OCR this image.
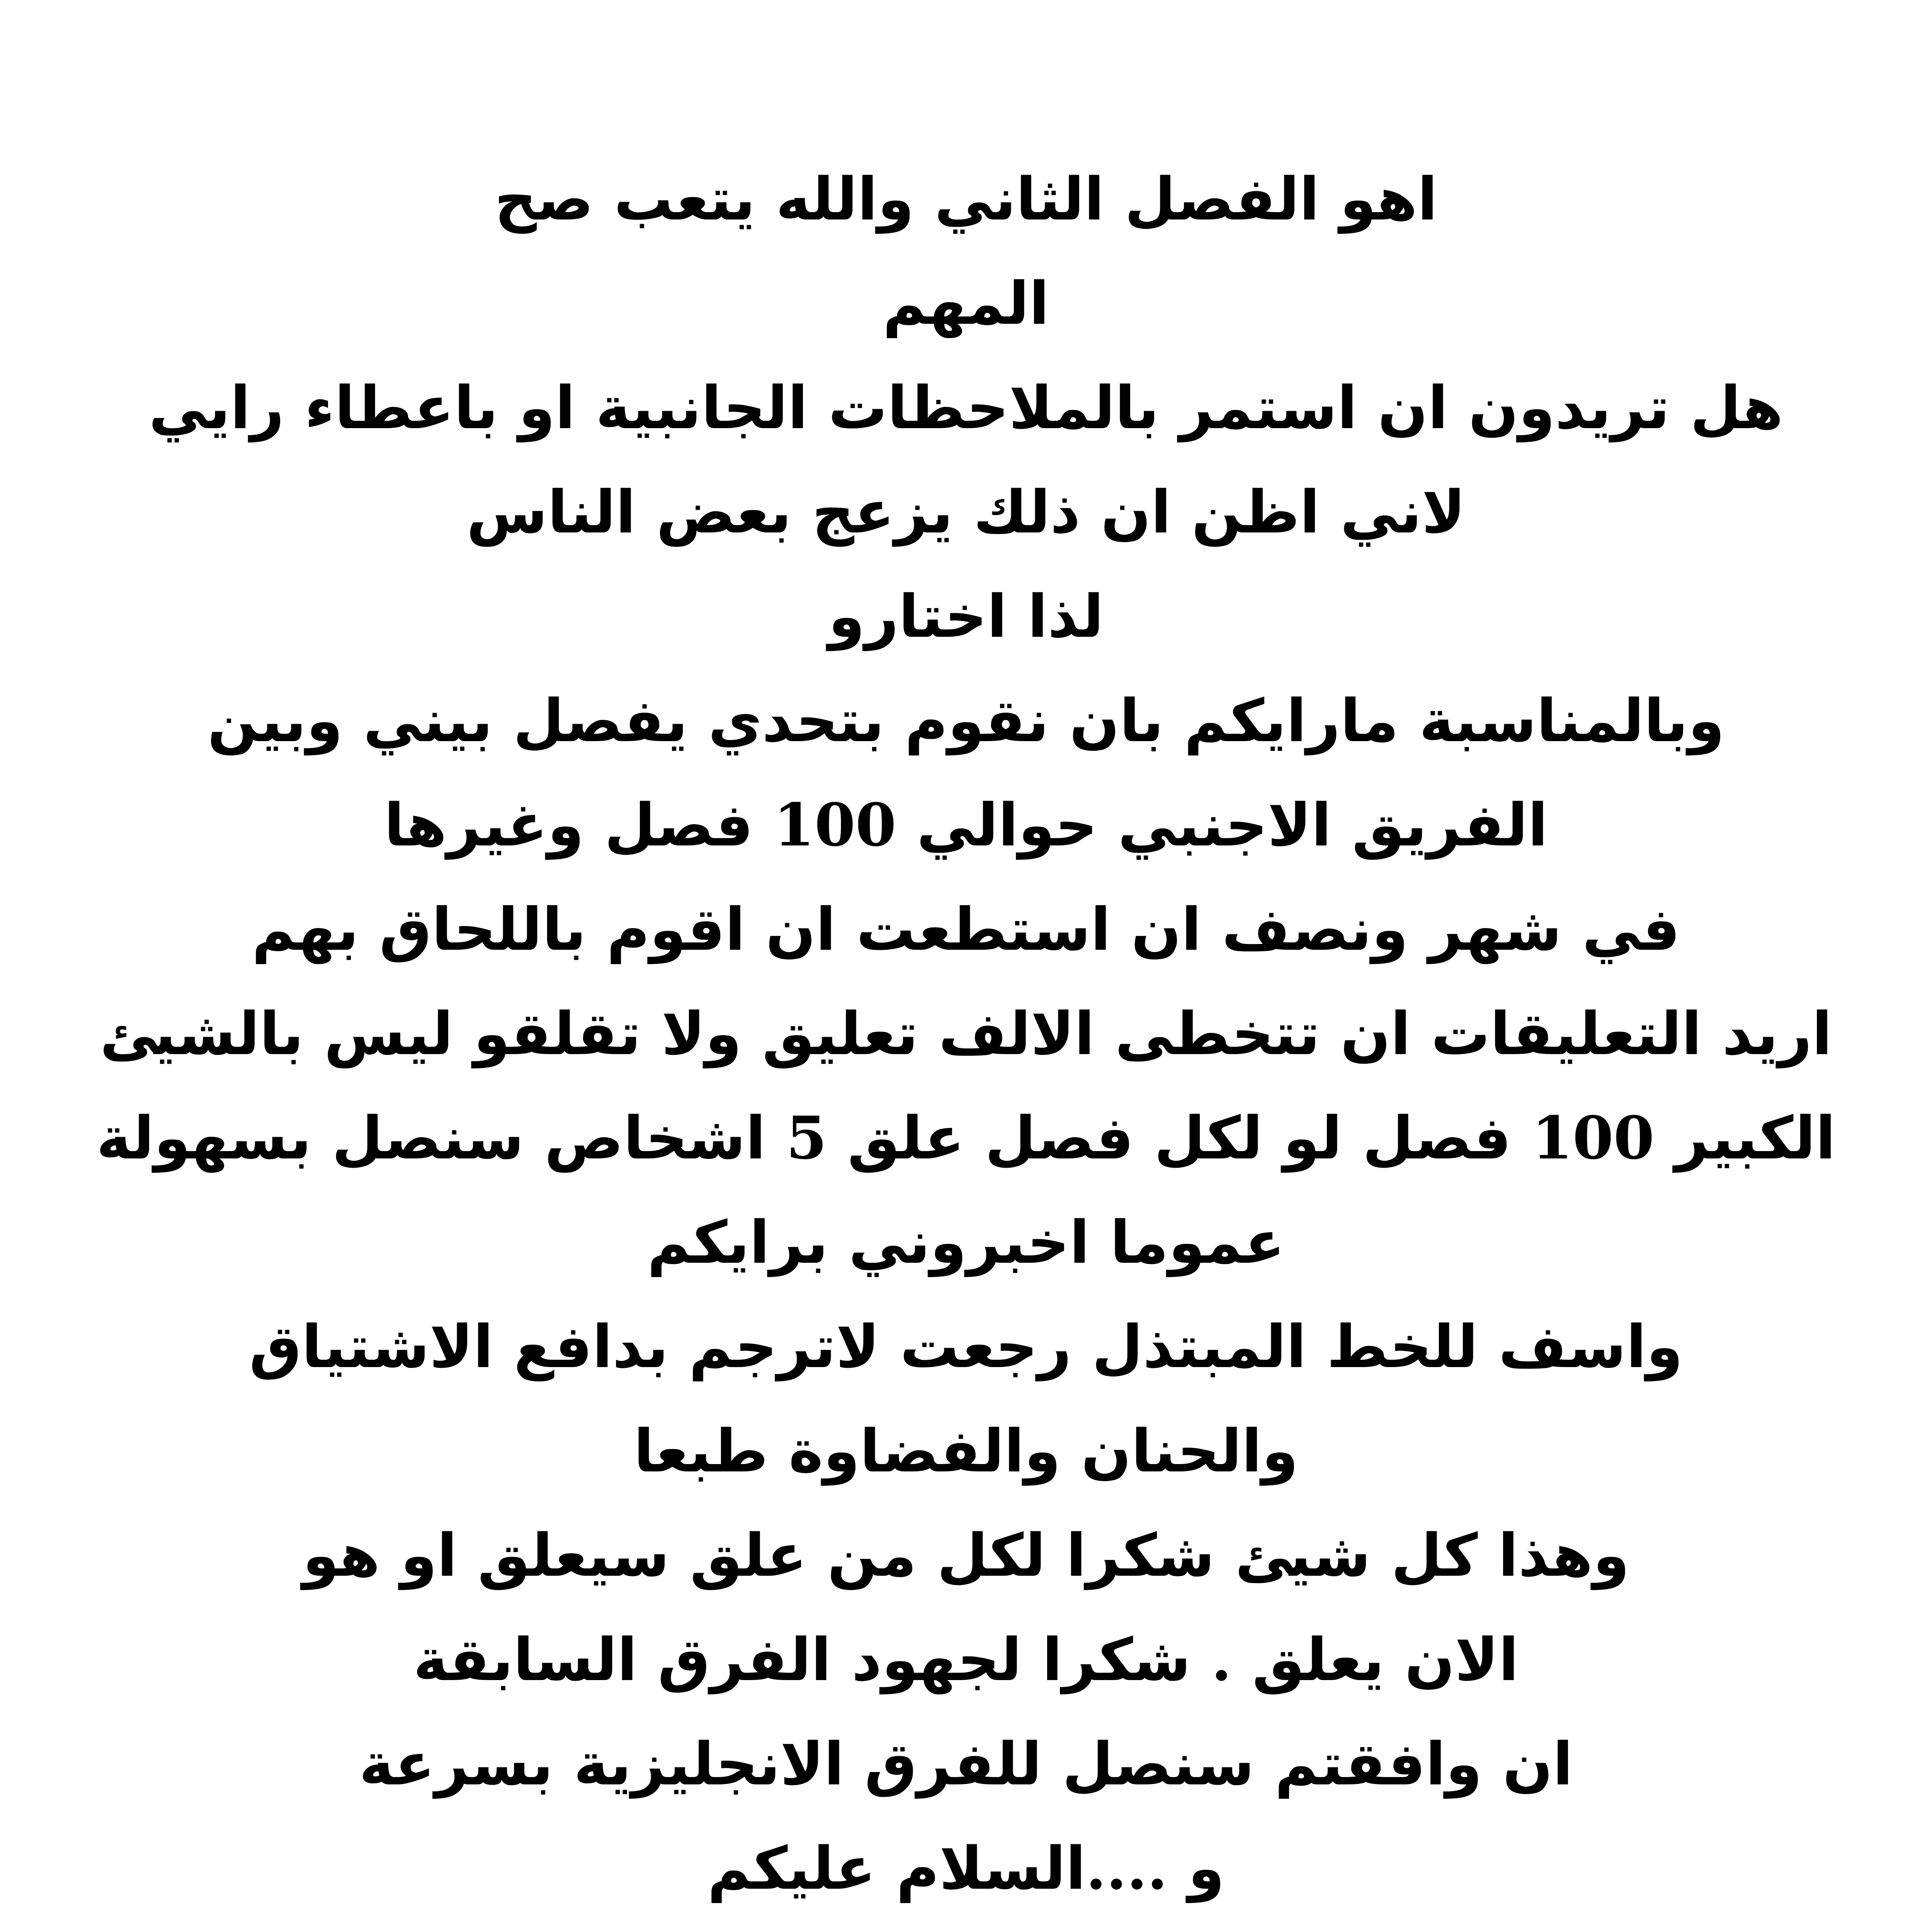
اهو الفصل الثاني والله يتعب صح
المهم
هل تريدون ان استمر بالملاحظات الجانبية او باعطاء رايي
لاني اظن ان ذلك يزعج بعض الناس
لذا اختارو
وبالمناسبة مارايكم بان نقوم بتحدي يفصل بيني وبين
الفريق الاجنبي حوالي 100 فصل وغيرها
في شهر ونصف ان استطعت ان اقوم باللحاق بهم
اريد التعليقات ان تتخطى الالف تعليق ولا تقلقو ليس بالشيئ
الكبير 100 فصل لو لكل فصل علق 5 اشخاص سنصل بسهولة
عموما اخبروني برايكم
واسف للخط المبتذل رجعت لاترجم بدافع الاشتياق
والحنان والفضاوة طبعا
وهذا كل شيئ شكرا لكل من علق سيعلق او هو
الان يعلق . شكرا لجهود الفرق السابقة
ان وافقتم سنصل للفرق الانجليزية بسرعة
و ....السلام عليكم
